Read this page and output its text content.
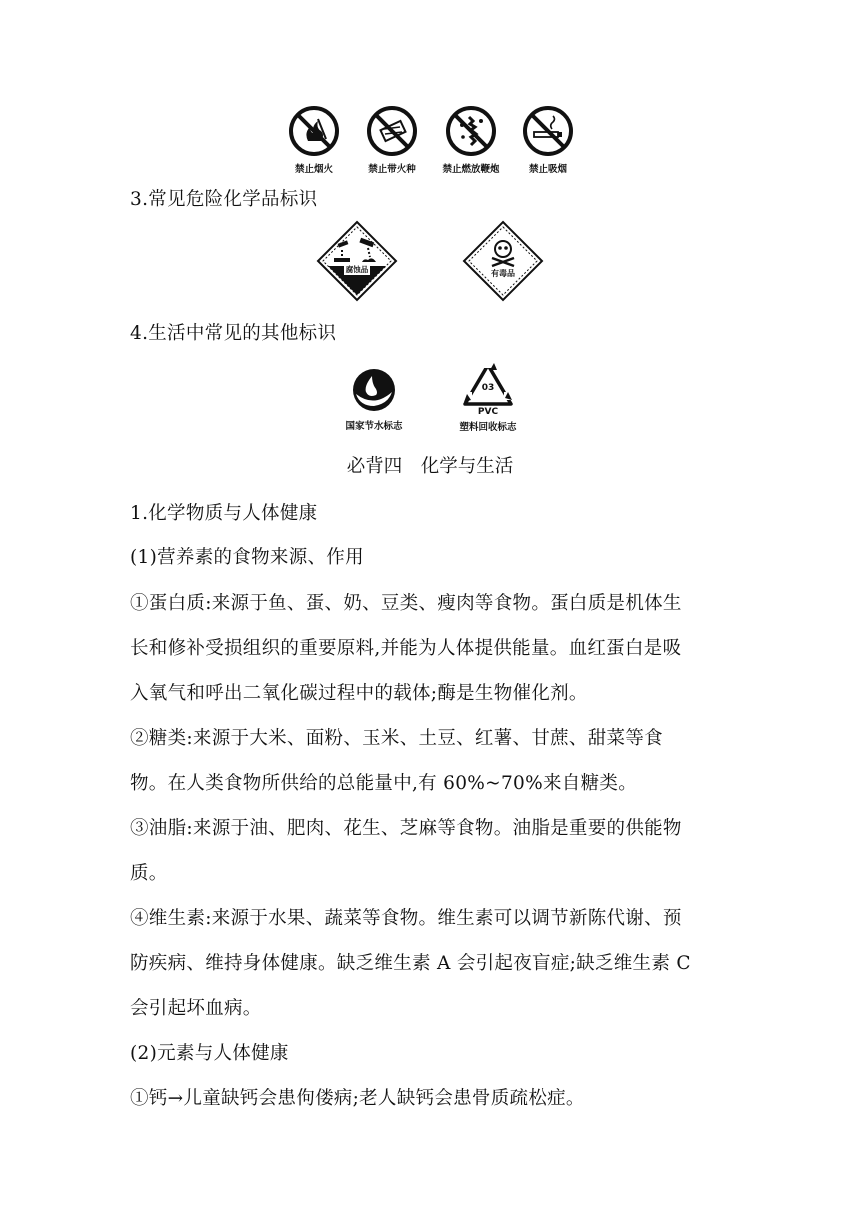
禁止烟火	禁止带火种	禁止燃放鞭炮	禁止吸烟
3.常见危险化学品标识
腐蚀品	有毒品
4.生活中常见的其他标识
国家节水标志
03
PVC
塑料回收标志
必背四　化学与生活
1.化学物质与人体健康
(1)营养素的食物来源、作用
①蛋白质:来源于鱼、蛋、奶、豆类、瘦肉等食物。蛋白质是机体生
长和修补受损组织的重要原料,并能为人体提供能量。血红蛋白是吸
入氧气和呼出二氧化碳过程中的载体;酶是生物催化剂。
②糖类:来源于大米、面粉、玉米、土豆、红薯、甘蔗、甜菜等食
物。在人类食物所供给的总能量中,有 60%~70%来自糖类。
③油脂:来源于油、肥肉、花生、芝麻等食物。油脂是重要的供能物
质。
④维生素:来源于水果、蔬菜等食物。维生素可以调节新陈代谢、预
防疾病、维持身体健康。缺乏维生素 A 会引起夜盲症;缺乏维生素 C
会引起坏血病。
(2)元素与人体健康
①钙→儿童缺钙会患佝偻病;老人缺钙会患骨质疏松症。
